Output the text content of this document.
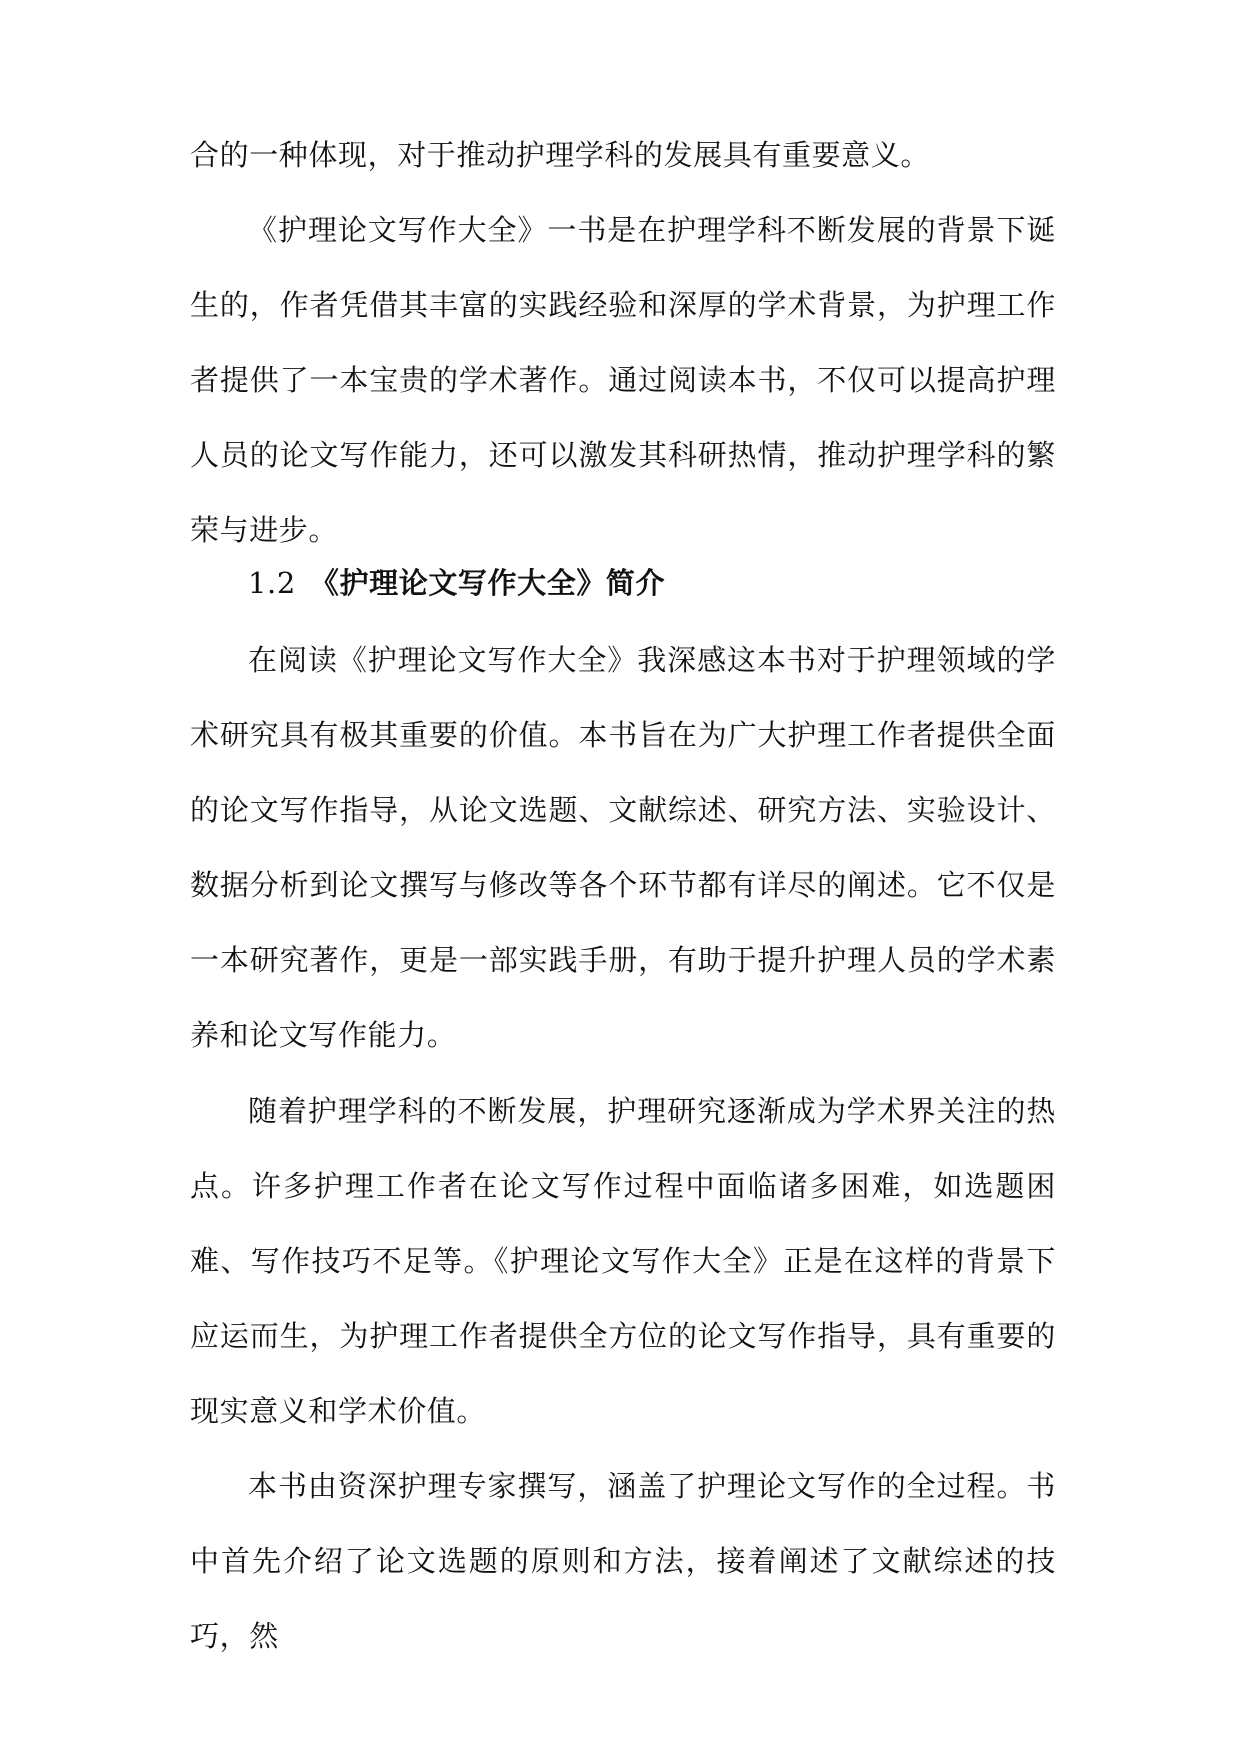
合的一种体现，对于推动护理学科的发展具有重要意义。

《护理论文写作大全》一书是在护理学科不断发展的背景下诞生的，作者凭借其丰富的实践经验和深厚的学术背景，为护理工作者提供了一本宝贵的学术著作。通过阅读本书，不仅可以提高护理人员的论文写作能力，还可以激发其科研热情，推动护理学科的繁荣与进步。

1.2 《护理论文写作大全》简介

在阅读《护理论文写作大全》我深感这本书对于护理领域的学术研究具有极其重要的价值。本书旨在为广大护理工作者提供全面的论文写作指导，从论文选题、文献综述、研究方法、实验设计、数据分析到论文撰写与修改等各个环节都有详尽的阐述。它不仅是一本研究著作，更是一部实践手册，有助于提升护理人员的学术素养和论文写作能力。

随着护理学科的不断发展，护理研究逐渐成为学术界关注的热点。许多护理工作者在论文写作过程中面临诸多困难，如选题困难、写作技巧不足等。《护理论文写作大全》正是在这样的背景下应运而生，为护理工作者提供全方位的论文写作指导，具有重要的现实意义和学术价值。

本书由资深护理专家撰写，涵盖了护理论文写作的全过程。书中首先介绍了论文选题的原则和方法，接着阐述了文献综述的技巧，然
